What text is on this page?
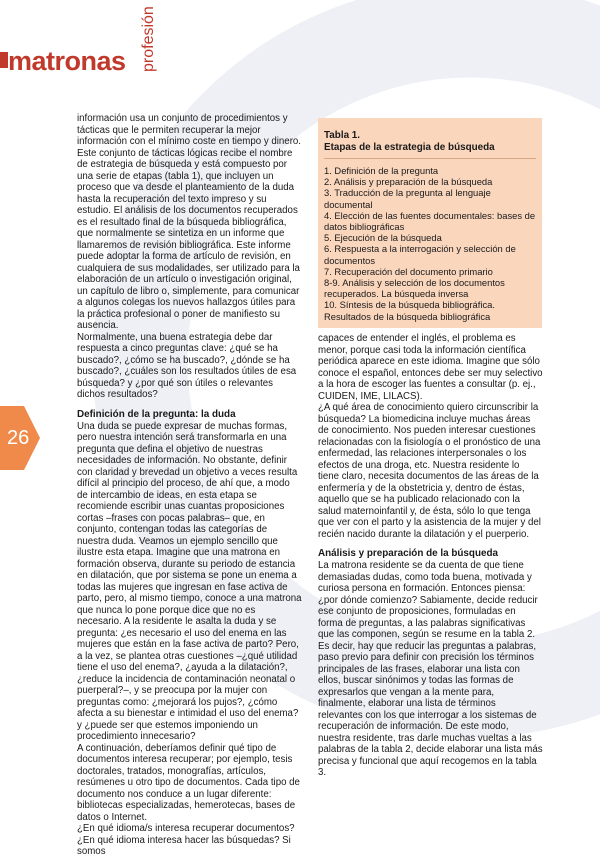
matronas profesión
26

información usa un conjunto de procedimientos y tácticas que le permiten recuperar la mejor información con el mínimo coste en tiempo y dinero. Este conjunto de tácticas lógicas recibe el nombre de estrategia de búsqueda y está compuesto por una serie de etapas (tabla 1), que incluyen un proceso que va desde el planteamiento de la duda hasta la recuperación del texto impreso y su estudio. El análisis de los documentos recuperados es el resultado final de la búsqueda bibliográfica, que normalmente se sintetiza en un informe que llamaremos de revisión bibliográfica. Este informe puede adoptar la forma de artículo de revisión, en cualquiera de sus modalidades, ser utilizado para la elaboración de un artículo o investigación original, un capítulo de libro o, simplemente, para comunicar a algunos colegas los nuevos hallazgos útiles para la práctica profesional o poner de manifiesto su ausencia.

Normalmente, una buena estrategia debe dar respuesta a cinco preguntas clave: ¿qué se ha buscado?, ¿cómo se ha buscado?, ¿dónde se ha buscado?, ¿cuáles son los resultados útiles de esa búsqueda? y ¿por qué son útiles o relevantes dichos resultados?

Definición de la pregunta: la duda

Una duda se puede expresar de muchas formas, pero nuestra intención será transformarla en una pregunta que defina el objetivo de nuestras necesidades de información. No obstante, definir con claridad y brevedad un objetivo a veces resulta difícil al principio del proceso, de ahí que, a modo de intercambio de ideas, en esta etapa se recomiende escribir unas cuantas proposiciones cortas –frases con pocas palabras– que, en conjunto, contengan todas las categorías de nuestra duda. Veamos un ejemplo sencillo que ilustre esta etapa. Imagine que una matrona en formación observa, durante su periodo de estancia en dilatación, que por sistema se pone un enema a todas las mujeres que ingresan en fase activa de parto, pero, al mismo tiempo, conoce a una matrona que nunca lo pone porque dice que no es necesario. A la residente le asalta la duda y se pregunta: ¿es necesario el uso del enema en las mujeres que están en la fase activa de parto? Pero, a la vez, se plantea otras cuestiones –¿qué utilidad tiene el uso del enema?, ¿ayuda a la dilatación?, ¿reduce la incidencia de contaminación neonatal o puerperal?–, y se preocupa por la mujer con preguntas como: ¿mejorará los pujos?, ¿cómo afecta a su bienestar e intimidad el uso del enema? y ¿puede ser que estemos imponiendo un procedimiento innecesario?

A continuación, deberíamos definir qué tipo de documentos interesa recuperar; por ejemplo, tesis doctorales, tratados, monografías, artículos, resúmenes u otro tipo de documentos. Cada tipo de documento nos conduce a un lugar diferente: bibliotecas especializadas, hemerotecas, bases de datos o Internet.

¿En qué idioma/s interesa recuperar documentos? ¿En qué idioma interesa hacer las búsquedas? Si somos

Tabla 1.
Etapas de la estrategia de búsqueda
1. Definición de la pregunta
2. Análisis y preparación de la búsqueda
3. Traducción de la pregunta al lenguaje documental
4. Elección de las fuentes documentales: bases de datos bibliográficas
5. Ejecución de la búsqueda
6. Respuesta a la interrogación y selección de documentos
7. Recuperación del documento primario
8-9. Análisis y selección de los documentos recuperados. La búsqueda inversa
10. Síntesis de la búsqueda bibliográfica. Resultados de la búsqueda bibliográfica

capaces de entender el inglés, el problema es menor, porque casi toda la información científica periódica aparece en este idioma. Imagine que sólo conoce el español, entonces debe ser muy selectivo a la hora de escoger las fuentes a consultar (p. ej., CUIDEN, IME, LILACS).

¿A qué área de conocimiento quiero circunscribir la búsqueda? La biomedicina incluye muchas áreas de conocimiento. Nos pueden interesar cuestiones relacionadas con la fisiología o el pronóstico de una enfermedad, las relaciones interpersonales o los efectos de una droga, etc. Nuestra residente lo tiene claro, necesita documentos de las áreas de la enfermería y de la obstetricia y, dentro de éstas, aquello que se ha publicado relacionado con la salud maternoinfantil y, de ésta, sólo lo que tenga que ver con el parto y la asistencia de la mujer y del recién nacido durante la dilatación y el puerperio.

Análisis y preparación de la búsqueda

La matrona residente se da cuenta de que tiene demasiadas dudas, como toda buena, motivada y curiosa persona en formación. Entonces piensa: ¿por dónde comienzo? Sabiamente, decide reducir ese conjunto de proposiciones, formuladas en forma de preguntas, a las palabras significativas que las componen, según se resume en la tabla 2.

Es decir, hay que reducir las preguntas a palabras, paso previo para definir con precisión los términos principales de las frases, elaborar una lista con ellos, buscar sinónimos y todas las formas de expresarlos que vengan a la mente para, finalmente, elaborar una lista de términos relevantes con los que interrogar a los sistemas de recuperación de información. De este modo, nuestra residente, tras darle muchas vueltas a las palabras de la tabla 2, decide elaborar una lista más precisa y funcional que aquí recogemos en la tabla 3.
